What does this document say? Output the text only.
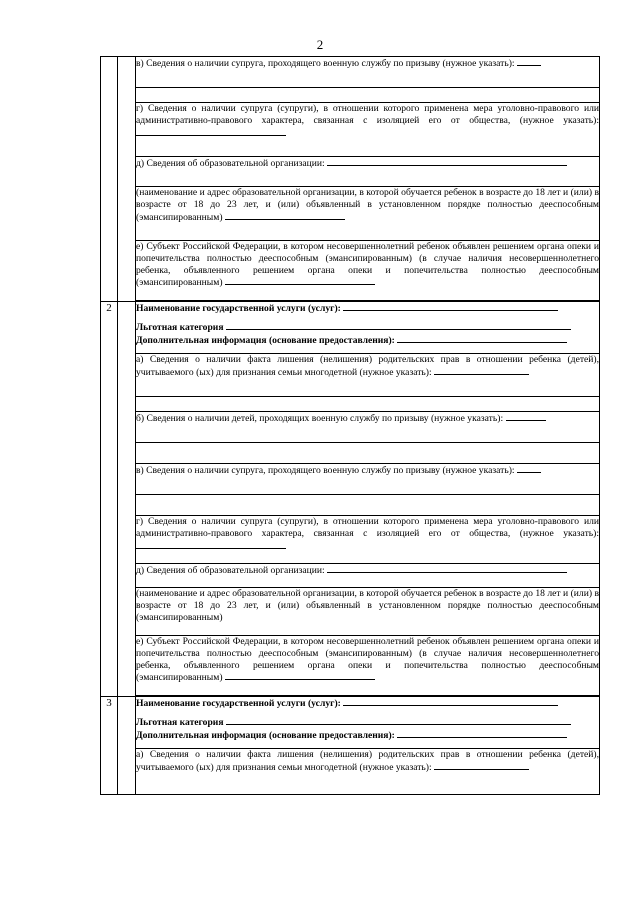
2
		в) Сведения о наличии супруга, проходящего военную службу по призыву (нужное указать):

		г) Сведения о наличии супруга (супруги), в отношении которого применена мера уголовно-правового или административно-правового характера, связанная с изоляцией его от общества, (нужное указать):
		д) Сведения об образовательной организации:
		(наименование и адрес образовательной организации, в которой обучается ребенок в возрасте до 18 лет и (или) в возрасте от 18 до 23 лет, и (или) объявленный в установленном порядке полностью дееспособным (эмансипированным)
		е) Субъект Российской Федерации, в котором несовершеннолетний ребенок объявлен решением органа опеки и попечительства полностью дееспособным (эмансипированным) (в случае наличия несовершеннолетнего ребенка, объявленного решением органа опеки и попечительства полностью дееспособным (эмансипированным)

2		Наименование государственной услуги (услуг):
Льготная категория
Дополнительная информация (основание предоставления):
		а) Сведения о наличии факта лишения (нелишения) родительских прав в отношении ребенка (детей), учитываемого (ых) для признания семьи многодетной (нужное указать):

		б) Сведения о наличии детей, проходящих военную службу по призыву (нужное указать):

		в) Сведения о наличии супруга, проходящего военную службу по призыву (нужное указать):

		г) Сведения о наличии супруга (супруги), в отношении которого применена мера уголовно-правового или административно-правового характера, связанная с изоляцией его от общества, (нужное указать):
		д) Сведения об образовательной организации:
		(наименование и адрес образовательной организации, в которой обучается ребенок в возрасте до 18 лет и (или) в возрасте от 18 до 23 лет, и (или) объявленный в установленном порядке полностью дееспособным (эмансипированным)
		е) Субъект Российской Федерации, в котором несовершеннолетний ребенок объявлен решением органа опеки и попечительства полностью дееспособным (эмансипированным) (в случае наличия несовершеннолетнего ребенка, объявленного решением органа опеки и попечительства полностью дееспособным (эмансипированным)

3		Наименование государственной услуги (услуг):
Льготная категория
Дополнительная информация (основание предоставления):
		а) Сведения о наличии факта лишения (нелишения) родительских прав в отношении ребенка (детей), учитываемого (ых) для признания семьи многодетной (нужное указать):
